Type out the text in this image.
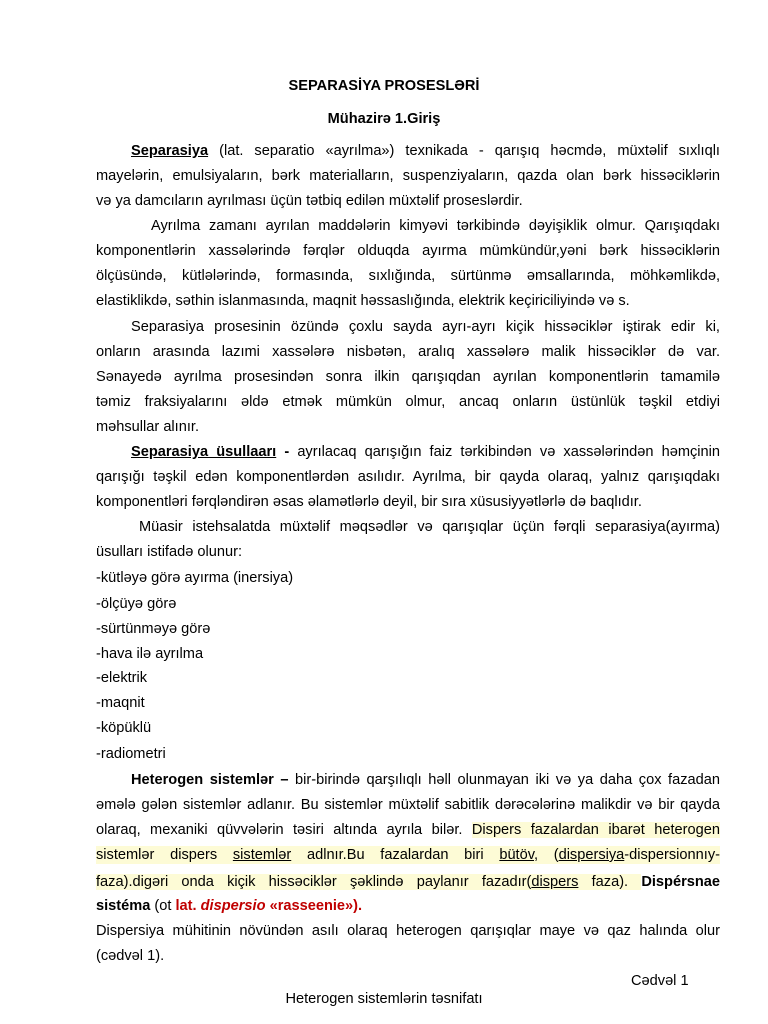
SEPARASİYA PROSESLƏRİ
Mühazirə 1.Giriş
Separasiya (lat. separatio «ayrılma») texnikada - qarışıq həcmdə, müxtəlif sıxlıqlı
mayelərin, emulsiyaların, bərk materialların, suspenziyaların, qazda olan bərk hissəciklərin
və ya damcıların ayrılması üçün tətbiq edilən müxtəlif proseslərdir.
Ayrılma zamanı ayrılan maddələrin kimyəvi tərkibində dəyişiklik olmur. Qarışıqdakı
komponentlərin xassələrində fərqlər olduqda ayırma mümkündür,yəni bərk hissəciklərin
ölçüsündə, kütlələrində, formasında, sıxlığında, sürtünmə əmsallarında, möhkəmlikdə,
elastiklikdə, səthin islanmasında, maqnit həssaslığında, elektrik keçiriciliyində və s.
Separasiya prosesinin özündə çoxlu sayda ayrı-ayrı kiçik hissəciklər iştirak edir ki,
onların arasında lazımi xassələrə nisbətən, aralıq xassələrə malik hissəciklər də var.
Sənayedə ayrılma prosesindən sonra ilkin qarışıqdan ayrılan komponentlərin tamamilə
təmiz fraksiyalarını əldə etmək mümkün olmur, ancaq onların üstünlük təşkil etdiyi
məhsullar alınır.
Separasiya üsullaarı - ayrılacaq qarışığın faiz tərkibindən və xassələrindən həmçinin
qarışığı təşkil edən komponentlərdən asılıdır. Ayrılma, bir qayda olaraq, yalnız qarışıqdakı
komponentləri fərqləndirən əsas əlamətlərlə deyil, bir sıra xüsusiyyətlərlə də baqlıdır.
Müasir istehsalatda müxtəlif məqsədlər və qarışıqlar üçün fərqli separasiya(ayırma)
üsulları istifadə olunur:
-kütləyə görə ayırma (inersiya)
-ölçüyə görə
-sürtünməyə görə
-hava ilə ayrılma
-elektrik
-maqnit
-köpüklü
-radiometri
Heterogen sistemlər – bir-birində qarşılıqlı həll olunmayan iki və ya daha çox fazadan
əmələ gələn sistemlər adlanır. Bu sistemlər müxtəlif sabitlik dərəcələrinə malikdir və bir qayda
olaraq, mexaniki qüvvələrin təsiri altında ayrıla bilər. Dispers fazalardan ibarət heterogen
sistemlər dispers sistemlər adlnır.Bu fazalardan biri bütöv, (dispersiya-dispersionnıy-
faza).digəri onda kiçik hissəciklər şəklində paylanır fazadır(dispers faza). Dispérsnae
sistéma (ot lat. dispersio «rasseenie»).
Dispersiya mühitinin növündən asılı olaraq heterogen qarışıqlar maye və qaz halında olur
(cədvəl 1).
Cədvəl 1
Heterogen sistemlərin təsnifatı
